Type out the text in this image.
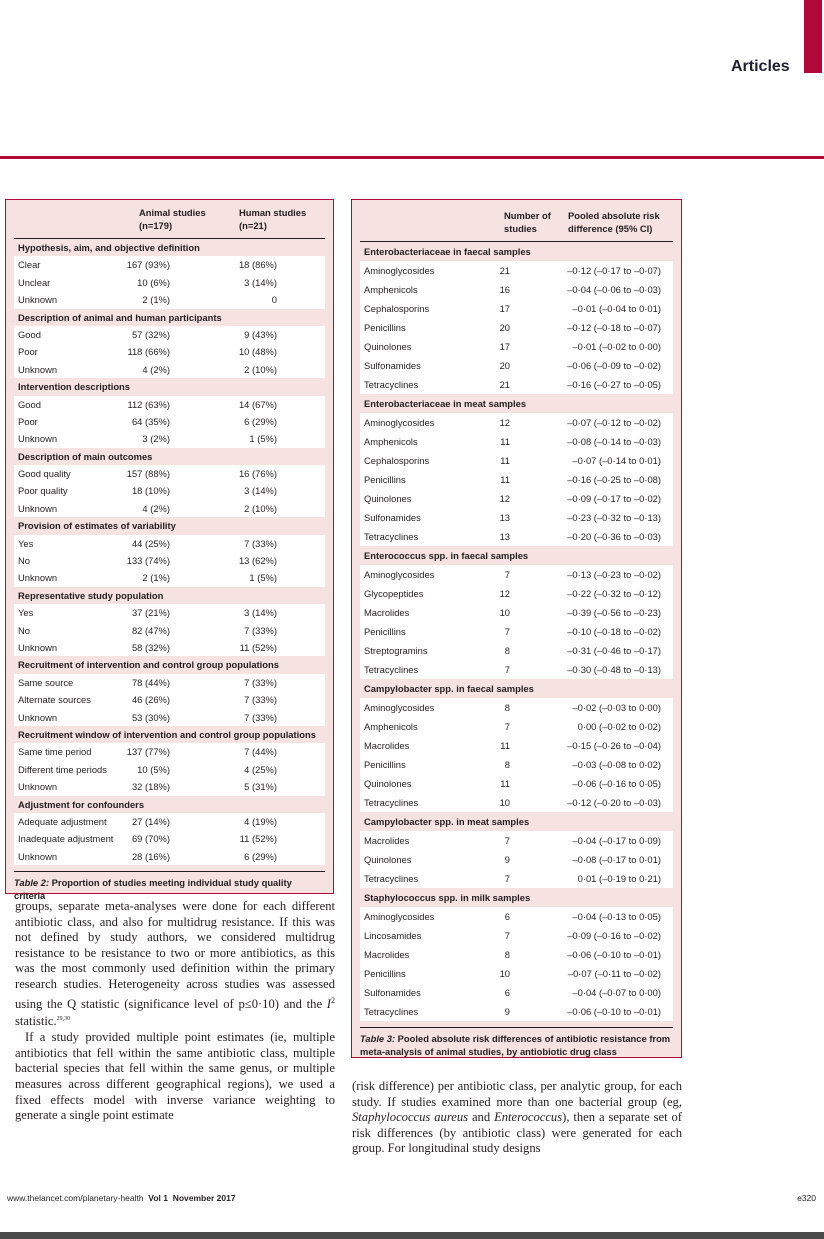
Articles
Animal studies
(n=179)
Human studies
(n=21)
Hypothesis, aim, and objective definition
Clear	167 (93%)	18 (86%)
Unclear	10 (6%)	3 (14%)
Unknown	2 (1%)	0
Description of animal and human participants
Good	57 (32%)	9 (43%)
Poor	118 (66%)	10 (48%)
Unknown	4 (2%)	2 (10%)
Intervention descriptions
Good	112 (63%)	14 (67%)
Poor	64 (35%)	6 (29%)
Unknown	3 (2%)	1 (5%)
Description of main outcomes
Good quality	157 (88%)	16 (76%)
Poor quality	18 (10%)	3 (14%)
Unknown	4 (2%)	2 (10%)
Provision of estimates of variability
Yes	44 (25%)	7 (33%)
No	133 (74%)	13 (62%)
Unknown	2 (1%)	1 (5%)
Representative study population
Yes	37 (21%)	3 (14%)
No	82 (47%)	7 (33%)
Unknown	58 (32%)	11 (52%)
Recruitment of intervention and control group populations
Same source	78 (44%)	7 (33%)
Alternate sources	46 (26%)	7 (33%)
Unknown	53 (30%)	7 (33%)
Recruitment window of intervention and control group populations
Same time period	137 (77%)	7 (44%)
Different time periods	10 (5%)	4 (25%)
Unknown	32 (18%)	5 (31%)
Adjustment for confounders
Adequate adjustment	27 (14%)	4 (19%)
Inadequate adjustment 69 (70%)	11 (52%)
Unknown	28 (16%)	6 (29%)
Table 2: Proportion of studies meeting individual study quality criteria
Number of
studies
Pooled absolute risk
difference (95% CI)
Enterobacteriaceae in faecal samples
Aminoglycosides	21	–0·12 (–0·17 to –0·07)
Amphenicols	16	–0·04 (–0·06 to –0·03)
Cephalosporins	17	–0·01 (–0·04 to 0·01)
Penicillins	20	–0·12 (–0·18 to –0·07)
Quinolones	17	–0·01 (–0·02 to 0·00)
Sulfonamides	20	–0·06 (–0·09 to –0·02)
Tetracyclines	21	–0·16 (–0·27 to –0·05)
Enterobacteriaceae in meat samples
Aminoglycosides	12	–0·07 (–0·12 to –0·02)
Amphenicols	11	–0·08 (–0·14 to –0·03)
Cephalosporins	11	–0·07 (–0·14 to 0·01)
Penicillins	11	–0·16 (–0·25 to –0·08)
Quinolones	12	–0·09 (–0·17 to –0·02)
Sulfonamides	13	–0·23 (–0·32 to –0·13)
Tetracyclines	13	–0·20 (–0·36 to –0·03)
Enterococcus spp. in faecal samples
Aminoglycosides	7	–0·13 (–0·23 to –0·02)
Glycopeptides	12	–0·22 (–0·32 to –0·12)
Macrolides	10	–0·39 (–0·56 to –0·23)
Penicillins	7	–0·10 (–0·18 to –0·02)
Streptogramins	8	–0·31 (–0·46 to –0·17)
Tetracyclines	7	–0·30 (–0·48 to –0·13)
Campylobacter spp. in faecal samples
Aminoglycosides	8	–0·02 (–0·03 to 0·00)
Amphenicols	7	0·00 (–0·02 to 0·02)
Macrolides	11	–0·15 (–0·26 to –0·04)
Penicillins	8	–0·03 (–0·08 to 0·02)
Quinolones	11	–0·06 (–0·16 to 0·05)
Tetracyclines	10	–0·12 (–0·20 to –0·03)
Campylobacter spp. in meat samples
Macrolides	7	–0·04 (–0·17 to 0·09)
Quinolones	9	–0·08 (–0·17 to 0·01)
Tetracyclines	7	0·01 (–0·19 to 0·21)
Staphylococcus spp. in milk samples
Aminoglycosides	6	–0·04 (–0·13 to 0·05)
Lincosamides	7	–0·09 (–0·16 to –0·02)
Macrolides	8	–0·06 (–0·10 to –0·01)
Penicillins	10	–0·07 (–0·11 to –0·02)
Sulfonamides	6	–0·04 (–0·07 to 0·00)
Tetracyclines	9	–0·06 (–0·10 to –0·01)
Table 3: Pooled absolute risk differences of antibiotic resistance from meta-analysis of animal studies, by antiobiotic drug class

groups, separate meta-analyses were done for each different antibiotic class, and also for multidrug resistance. If this was not defined by study authors, we considered multidrug resistance to be resistance to two or more antibiotics, as this was the most commonly used definition within the primary research studies. Heterogeneity across studies was assessed using the Q statistic (significance level of p≤0·10) and the $I^2$ statistic.$^{29,30}$

If a study provided multiple point estimates (ie, multiple antibiotics that fell within the same antibiotic class, multiple bacterial species that fell within the same genus, or multiple measures across different geographical regions), we used a fixed effects model with inverse variance weighting to generate a single point estimate

(risk difference) per antibiotic class, per analytic group, for each study. If studies examined more than one bacterial group (eg, Staphylococcus aureus and Enterococcus), then a separate set of risk differences (by antibiotic class) were generated for each group. For longitudinal study designs

www.thelancet.com/planetary-health Vol 1 November 2017	e320
